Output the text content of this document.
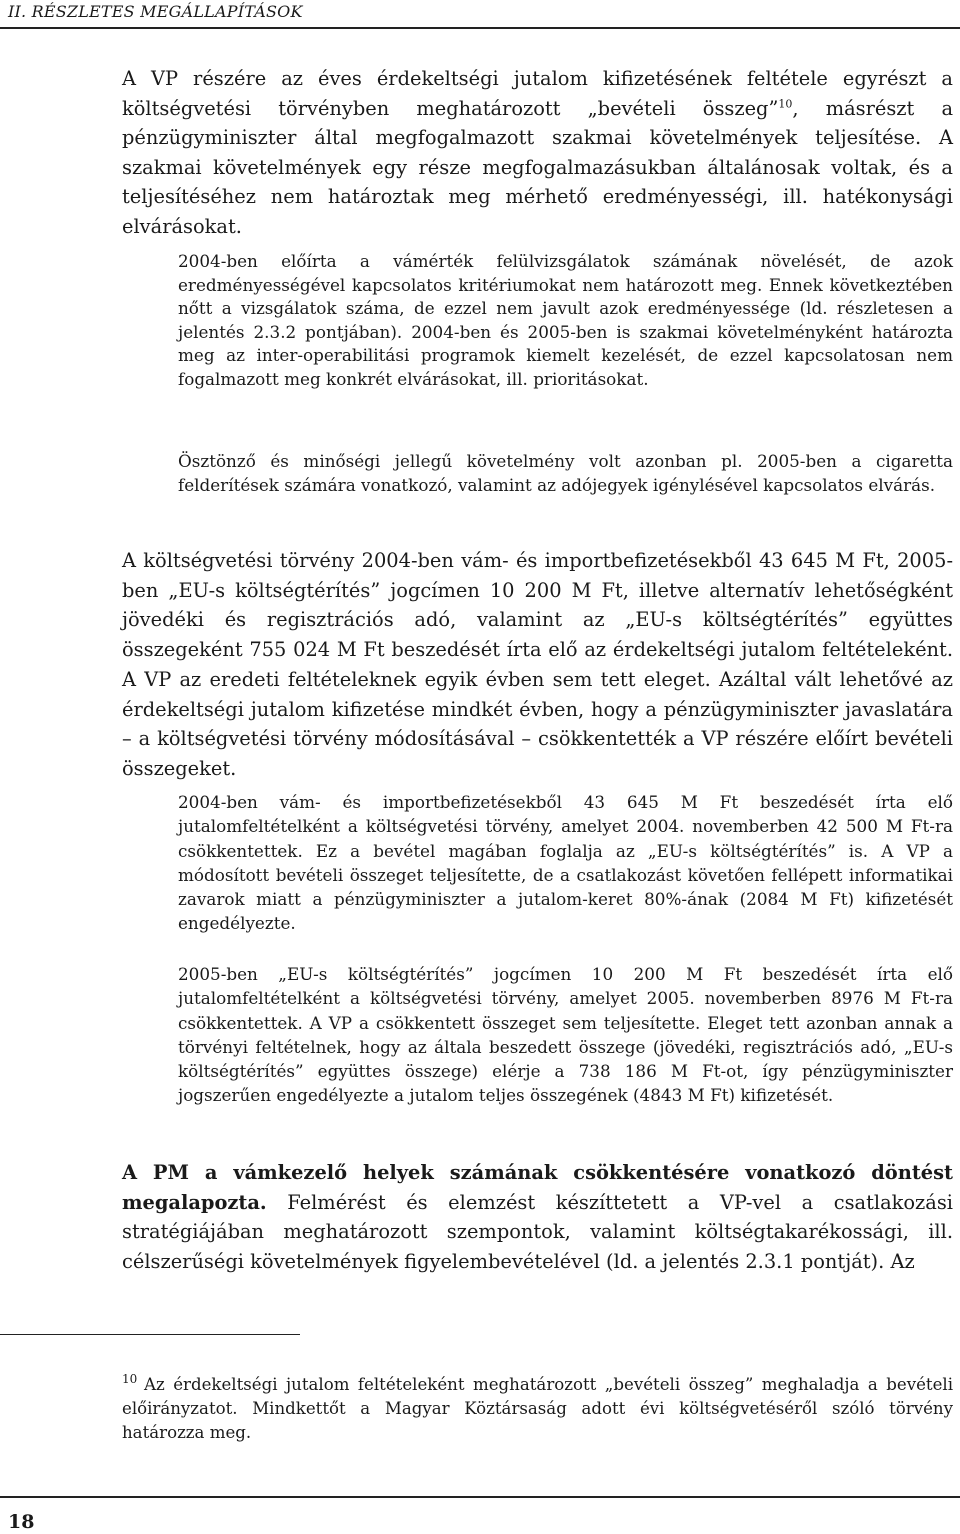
II. RÉSZLETES MEGÁLLAPÍTÁSOK

A VP részére az éves érdekeltségi jutalom kifizetésének feltétele egyrészt a költségvetési törvényben meghatározott „bevételi összeg”$^{10}$, másrészt a pénzügyminiszter által megfogalmazott szakmai követelmények teljesítése. A szakmai követelmények egy része megfogalmazásukban általánosak voltak, és a teljesítéséhez nem határoztak meg mérhető eredményességi, ill. hatékonysági elvárásokat.

2004-ben előírta a vámérték felülvizsgálatok számának növelését, de azok eredményességével kapcsolatos kritériumokat nem határozott meg. Ennek következtében nőtt a vizsgálatok száma, de ezzel nem javult azok eredményessége (ld. részletesen a jelentés 2.3.2 pontjában). 2004-ben és 2005-ben is szakmai követelményként határozta meg az inter-operabilitási programok kiemelt kezelését, de ezzel kapcsolatosan nem fogalmazott meg konkrét elvárásokat, ill. prioritásokat.

Ösztönző és minőségi jellegű követelmény volt azonban pl. 2005-ben a cigaretta felderítések számára vonatkozó, valamint az adójegyek igénylésével kapcsolatos elvárás.

A költségvetési törvény 2004-ben vám- és importbefizetésekből 43 645 M Ft, 2005-ben „EU-s költségtérítés” jogcímen 10 200 M Ft, illetve alternatív lehetőségként jövedéki és regisztrációs adó, valamint az „EU-s költségtérítés” együttes összegeként 755 024 M Ft beszedését írta elő az érdekeltségi jutalom feltételeként. A VP az eredeti feltételeknek egyik évben sem tett eleget. Azáltal vált lehetővé az érdekeltségi jutalom kifizetése mindkét évben, hogy a pénzügyminiszter javaslatára – a költségvetési törvény módosításával – csökkentették a VP részére előírt bevételi összegeket.

2004-ben vám- és importbefizetésekből 43 645 M Ft beszedését írta elő jutalomfeltételként a költségvetési törvény, amelyet 2004. novemberben 42 500 M Ft-ra csökkentettek. Ez a bevétel magában foglalja az „EU-s költségtérítés” is. A VP a módosított bevételi összeget teljesítette, de a csatlakozást követően fellépett informatikai zavarok miatt a pénzügyminiszter a jutalom-keret 80%-ának (2084 M Ft) kifizetését engedélyezte.

2005-ben „EU-s költségtérítés” jogcímen 10 200 M Ft beszedését írta elő jutalomfeltételként a költségvetési törvény, amelyet 2005. novemberben 8976 M Ft-ra csökkentettek. A VP a csökkentett összeget sem teljesítette. Eleget tett azonban annak a törvényi feltételnek, hogy az általa beszedett összege (jövedéki, regisztrációs adó, „EU-s költségtérítés” együttes összege) elérje a 738 186 M Ft-ot, így pénzügyminiszter jogszerűen engedélyezte a jutalom teljes összegének (4843 M Ft) kifizetését.

A PM a vámkezelő helyek számának csökkentésére vonatkozó döntést megalapozta. Felmérést és elemzést készíttetett a VP-vel a csatlakozási stratégiájában meghatározott szempontok, valamint költségtakarékossági, ill. célszerűségi követelmények figyelembevételével (ld. a jelentés 2.3.1 pontját). Az

10 Az érdekeltségi jutalom feltételeként meghatározott „bevételi összeg” meghaladja a bevételi előirányzatot. Mindkettőt a Magyar Köztársaság adott évi költségvetéséről szóló törvény határozza meg.

18
